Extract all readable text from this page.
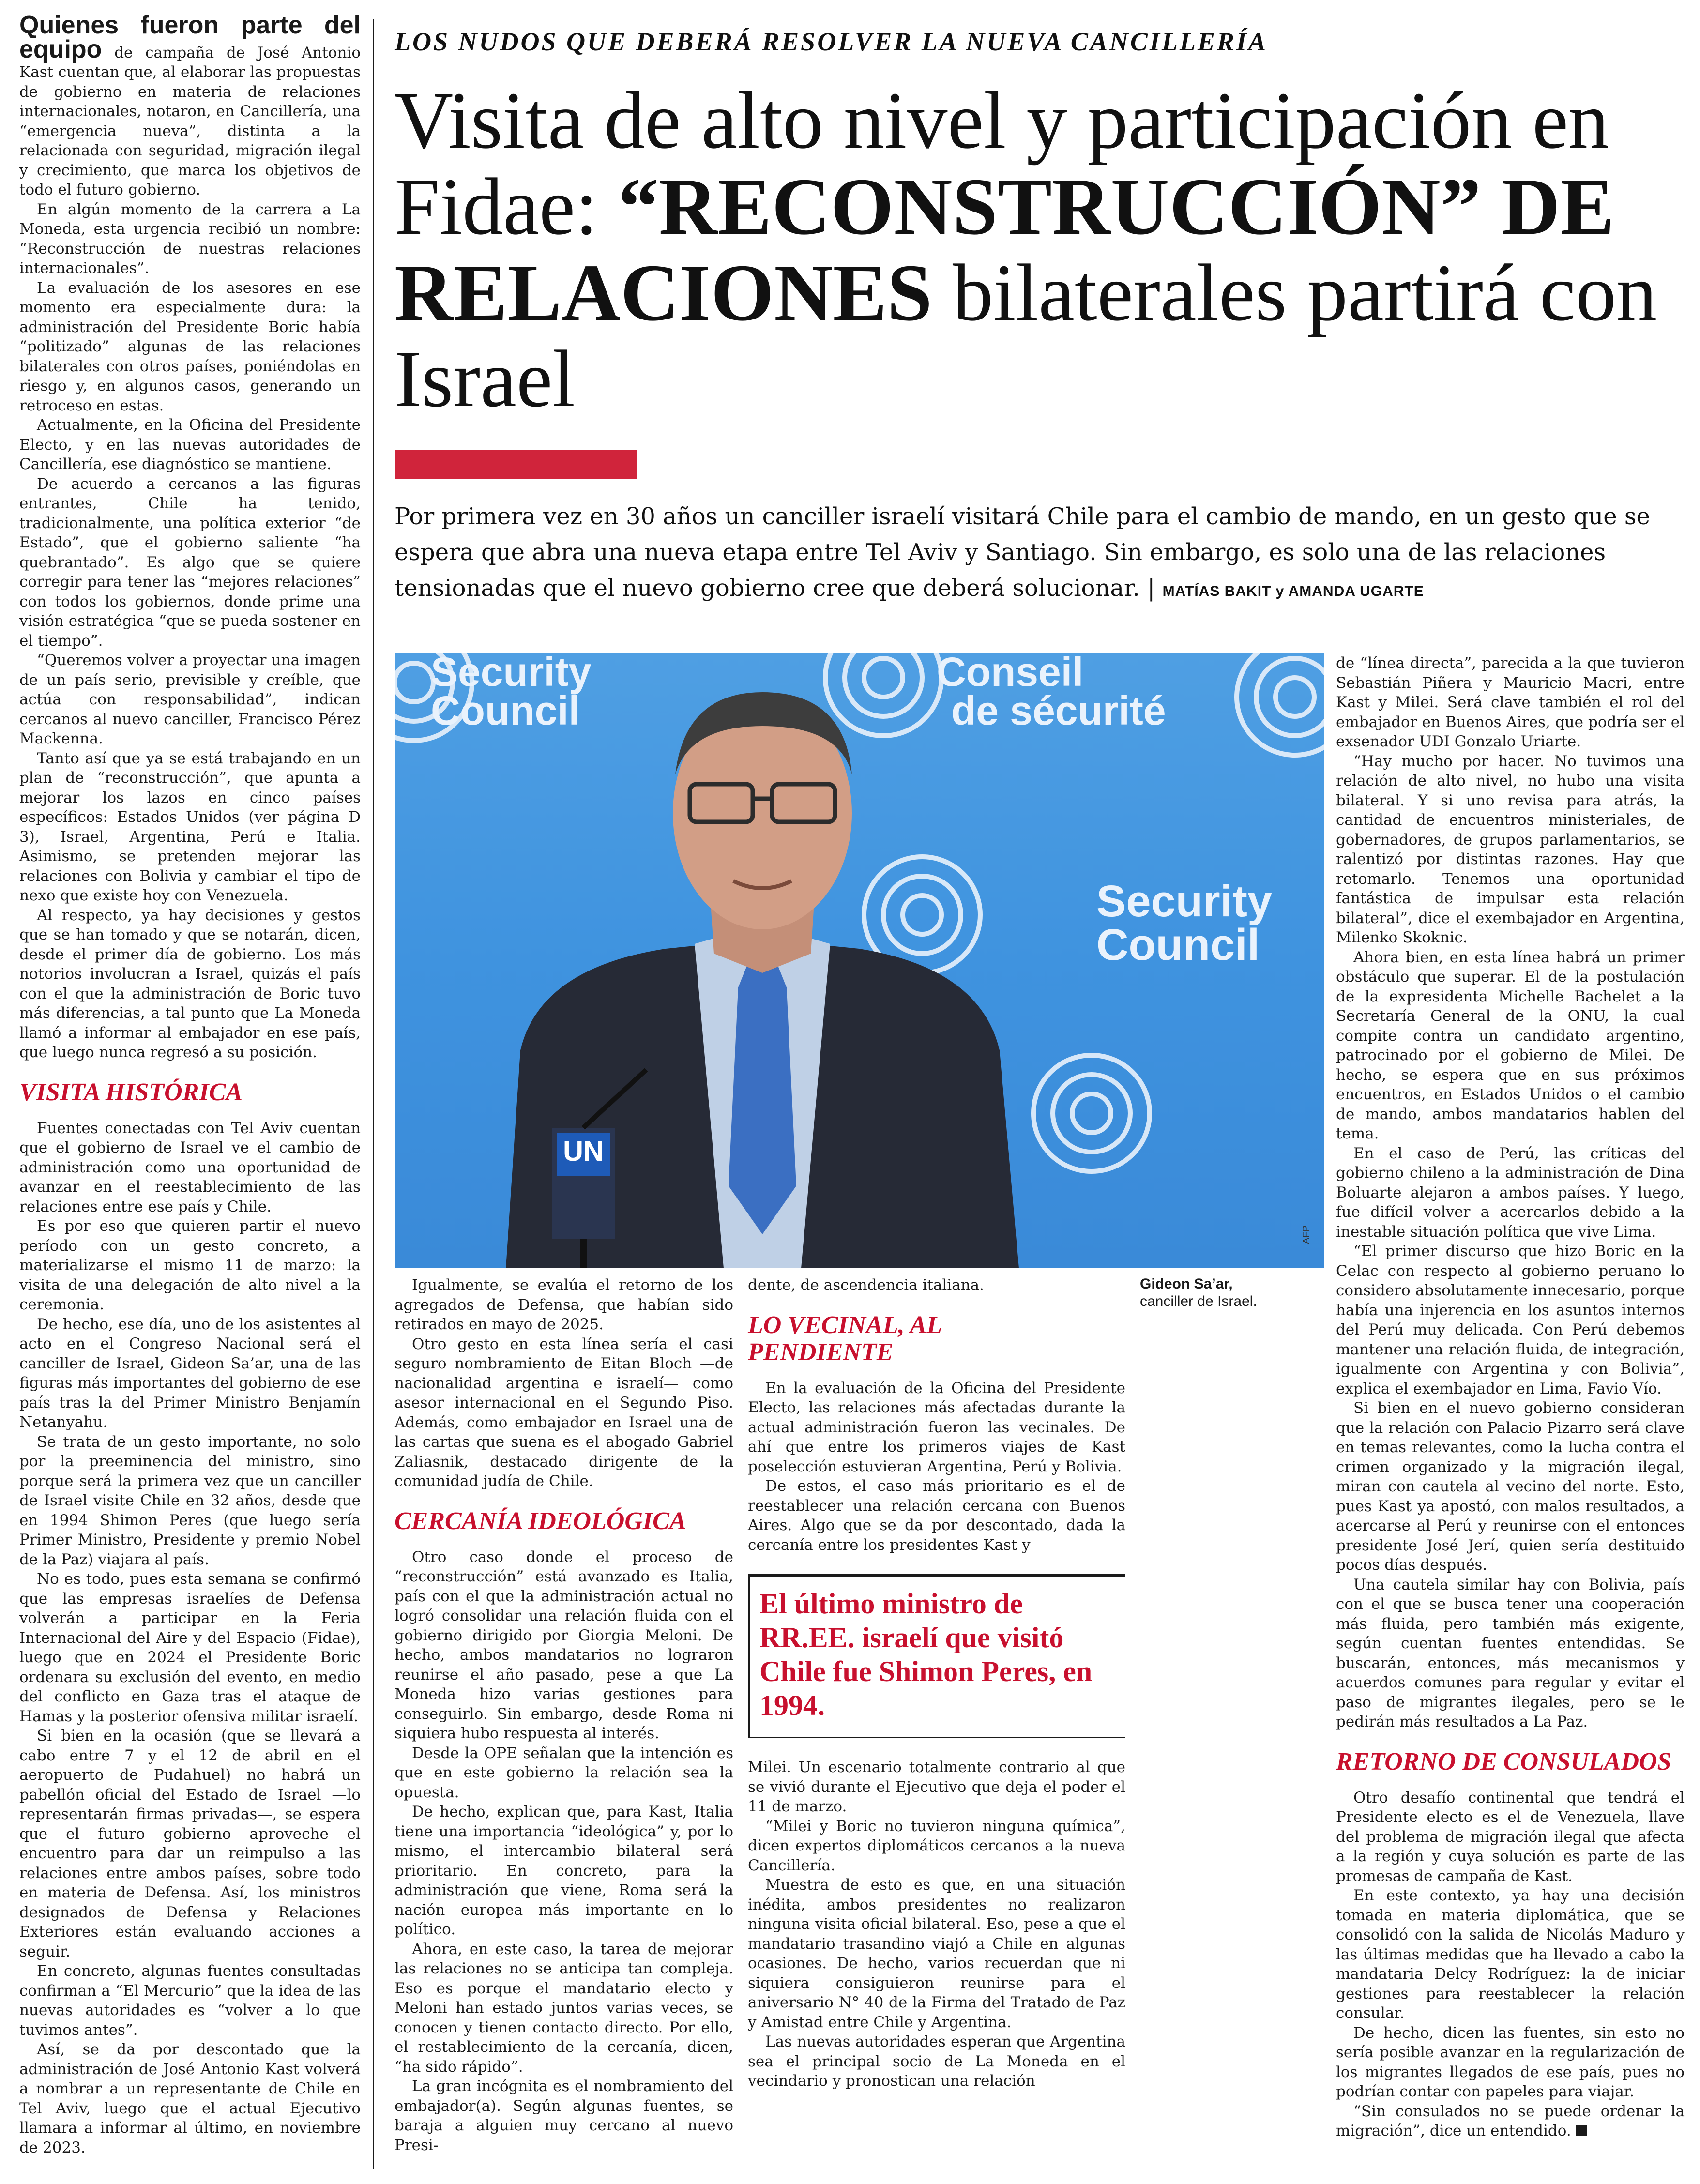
Quienes fueron parte del equipo de campaña de José Antonio Kast cuentan que, al elaborar las propuestas de gobierno en materia de relaciones internacionales, notaron, en Cancillería, una “emergencia nueva”, distinta a la relacionada con seguridad, migración ilegal y crecimiento, que marca los objetivos de todo el futuro gobierno.

En algún momento de la carrera a La Moneda, esta urgencia recibió un nombre: “Reconstrucción de nuestras relaciones internacionales”.

La evaluación de los asesores en ese momento era especialmente dura: la administración del Presidente Boric había “politizado” algunas de las relaciones bilaterales con otros países, poniéndolas en riesgo y, en algunos casos, generando un retroceso en estas.

Actualmente, en la Oficina del Presidente Electo, y en las nuevas autoridades de Cancillería, ese diagnóstico se mantiene.

De acuerdo a cercanos a las figuras entrantes, Chile ha tenido, tradicionalmente, una política exterior “de Estado”, que el gobierno saliente “ha quebrantado”. Es algo que se quiere corregir para tener las “mejores relaciones” con todos los gobiernos, donde prime una visión estratégica “que se pueda sostener en el tiempo”.

“Queremos volver a proyectar una imagen de un país serio, previsible y creíble, que actúa con responsabilidad”, indican cercanos al nuevo canciller, Francisco Pérez Mackenna.

Tanto así que ya se está trabajando en un plan de “reconstrucción”, que apunta a mejorar los lazos en cinco países específicos: Estados Unidos (ver página D 3), Israel, Argentina, Perú e Italia. Asimismo, se pretenden mejorar las relaciones con Bolivia y cambiar el tipo de nexo que existe hoy con Venezuela.

Al respecto, ya hay decisiones y gestos que se han tomado y que se notarán, dicen, desde el primer día de gobierno. Los más notorios involucran a Israel, quizás el país con el que la administración de Boric tuvo más diferencias, a tal punto que La Moneda llamó a informar al embajador en ese país, que luego nunca regresó a su posición.

VISITA HISTÓRICA

Fuentes conectadas con Tel Aviv cuentan que el gobierno de Israel ve el cambio de administración como una oportunidad de avanzar en el reestablecimiento de las relaciones entre ese país y Chile.

Es por eso que quieren partir el nuevo período con un gesto concreto, a materializarse el mismo 11 de marzo: la visita de una delegación de alto nivel a la ceremonia.

De hecho, ese día, uno de los asistentes al acto en el Congreso Nacional será el canciller de Israel, Gideon Sa’ar, una de las figuras más importantes del gobierno de ese país tras la del Primer Ministro Benjamín Netanyahu.

Se trata de un gesto importante, no solo por la preeminencia del ministro, sino porque será la primera vez que un canciller de Israel visite Chile en 32 años, desde que en 1994 Shimon Peres (que luego sería Primer Ministro, Presidente y premio Nobel de la Paz) viajara al país.

No es todo, pues esta semana se confirmó que las empresas israelíes de Defensa volverán a participar en la Feria Internacional del Aire y del Espacio (Fidae), luego que en 2024 el Presidente Boric ordenara su exclusión del evento, en medio del conflicto en Gaza tras el ataque de Hamas y la posterior ofensiva militar israelí.

Si bien en la ocasión (que se llevará a cabo entre 7 y el 12 de abril en el aeropuerto de Pudahuel) no habrá un pabellón oficial del Estado de Israel —lo representarán firmas privadas—, se espera que el futuro gobierno aproveche el encuentro para dar un reimpulso a las relaciones entre ambos países, sobre todo en materia de Defensa. Así, los ministros designados de Defensa y Relaciones Exteriores están evaluando acciones a seguir.

En concreto, algunas fuentes consultadas confirman a “El Mercurio” que la idea de las nuevas autoridades es “volver a lo que tuvimos antes”.

Así, se da por descontado que la administración de José Antonio Kast volverá a nombrar a un representante de Chile en Tel Aviv, luego que el actual Ejecutivo llamara a informar al último, en noviembre de 2023.

LOS NUDOS QUE DEBERÁ RESOLVER LA NUEVA CANCILLERÍA
Visita de alto nivel y participación en Fidae: “RECONSTRUCCIÓN” DE RELACIONES bilaterales partirá con Israel
Por primera vez en 30 años un canciller israelí visitará Chile para el cambio de mando, en un gesto que se espera que abra una nueva etapa entre Tel Aviv y Santiago. Sin embargo, es solo una de las relaciones tensionadas que el nuevo gobierno cree que deberá solucionar. | MATÍAS BAKIT y AMANDA UGARTE
Security
Council
Conseil
de sécurité
Security
Council
UN
AFP
Gideon Sa’ar,
canciller de Israel.

Igualmente, se evalúa el retorno de los agregados de Defensa, que habían sido retirados en mayo de 2025.

Otro gesto en esta línea sería el casi seguro nombramiento de Eitan Bloch —de nacionalidad argentina e israelí— como asesor internacional en el Segundo Piso. Además, como embajador en Israel una de las cartas que suena es el abogado Gabriel Zaliasnik, destacado dirigente de la comunidad judía de Chile.

CERCANÍA IDEOLÓGICA

Otro caso donde el proceso de “reconstrucción” está avanzado es Italia, país con el que la administración actual no logró consolidar una relación fluida con el gobierno dirigido por Giorgia Meloni. De hecho, ambos mandatarios no lograron reunirse el año pasado, pese a que La Moneda hizo varias gestiones para conseguirlo. Sin embargo, desde Roma ni siquiera hubo respuesta al interés.

Desde la OPE señalan que la intención es que en este gobierno la relación sea la opuesta.

De hecho, explican que, para Kast, Italia tiene una importancia “ideológica” y, por lo mismo, el intercambio bilateral será prioritario. En concreto, para la administración que viene, Roma será la nación europea más importante en lo político.

Ahora, en este caso, la tarea de mejorar las relaciones no se anticipa tan compleja. Eso es porque el mandatario electo y Meloni han estado juntos varias veces, se conocen y tienen contacto directo. Por ello, el restablecimiento de la cercanía, dicen, “ha sido rápido”.

La gran incógnita es el nombramiento del embajador(a). Según algunas fuentes, se baraja a alguien muy cercano al nuevo Presi-

dente, de ascendencia italiana.

LO VECINAL, AL PENDIENTE

En la evaluación de la Oficina del Presidente Electo, las relaciones más afectadas durante la actual administración fueron las vecinales. De ahí que entre los primeros viajes de Kast poselección estuvieran Argentina, Perú y Bolivia.

De estos, el caso más prioritario es el de reestablecer una relación cercana con Buenos Aires. Algo que se da por descontado, dada la cercanía entre los presidentes Kast y

El último ministro de RR.EE. israelí que visitó Chile fue Shimon Peres, en 1994.

Milei. Un escenario totalmente contrario al que se vivió durante el Ejecutivo que deja el poder el 11 de marzo.

“Milei y Boric no tuvieron ninguna química”, dicen expertos diplomáticos cercanos a la nueva Cancillería.

Muestra de esto es que, en una situación inédita, ambos presidentes no realizaron ninguna visita oficial bilateral. Eso, pese a que el mandatario trasandino viajó a Chile en algunas ocasiones. De hecho, varios recuerdan que ni siquiera consiguieron reunirse para el aniversario N° 40 de la Firma del Tratado de Paz y Amistad entre Chile y Argentina.

Las nuevas autoridades esperan que Argentina sea el principal socio de La Moneda en el vecindario y pronostican una relación

de “línea directa”, parecida a la que tuvieron Sebastián Piñera y Mauricio Macri, entre Kast y Milei. Será clave también el rol del embajador en Buenos Aires, que podría ser el exsenador UDI Gonzalo Uriarte.

“Hay mucho por hacer. No tuvimos una relación de alto nivel, no hubo una visita bilateral. Y si uno revisa para atrás, la cantidad de encuentros ministeriales, de gobernadores, de grupos parlamentarios, se ralentizó por distintas razones. Hay que retomarlo. Tenemos una oportunidad fantástica de impulsar esta relación bilateral”, dice el exembajador en Argentina, Milenko Skoknic.

Ahora bien, en esta línea habrá un primer obstáculo que superar. El de la postulación de la expresidenta Michelle Bachelet a la Secretaría General de la ONU, la cual compite contra un candidato argentino, patrocinado por el gobierno de Milei. De hecho, se espera que en sus próximos encuentros, en Estados Unidos o el cambio de mando, ambos mandatarios hablen del tema.

En el caso de Perú, las críticas del gobierno chileno a la administración de Dina Boluarte alejaron a ambos países. Y luego, fue difícil volver a acercarlos debido a la inestable situación política que vive Lima.

“El primer discurso que hizo Boric en la Celac con respecto al gobierno peruano lo considero absolutamente innecesario, porque había una injerencia en los asuntos internos del Perú muy delicada. Con Perú debemos mantener una relación fluida, de integración, igualmente con Argentina y con Bolivia”, explica el exembajador en Lima, Favio Vío.

Si bien en el nuevo gobierno consideran que la relación con Palacio Pizarro será clave en temas relevantes, como la lucha contra el crimen organizado y la migración ilegal, miran con cautela al vecino del norte. Esto, pues Kast ya apostó, con malos resultados, a acercarse al Perú y reunirse con el entonces presidente José Jerí, quien sería destituido pocos días después.

Una cautela similar hay con Bolivia, país con el que se busca tener una cooperación más fluida, pero también más exigente, según cuentan fuentes entendidas. Se buscarán, entonces, más mecanismos y acuerdos comunes para regular y evitar el paso de migrantes ilegales, pero se le pedirán más resultados a La Paz.

RETORNO DE CONSULADOS

Otro desafío continental que tendrá el Presidente electo es el de Venezuela, llave del problema de migración ilegal que afecta a la región y cuya solución es parte de las promesas de campaña de Kast.

En este contexto, ya hay una decisión tomada en materia diplomática, que se consolidó con la salida de Nicolás Maduro y las últimas medidas que ha llevado a cabo la mandataria Delcy Rodríguez: la de iniciar gestiones para reestablecer la relación consular.

De hecho, dicen las fuentes, sin esto no sería posible avanzar en la regularización de los migrantes llegados de ese país, pues no podrían contar con papeles para viajar.

“Sin consulados no se puede ordenar la migración”, dice un entendido.
